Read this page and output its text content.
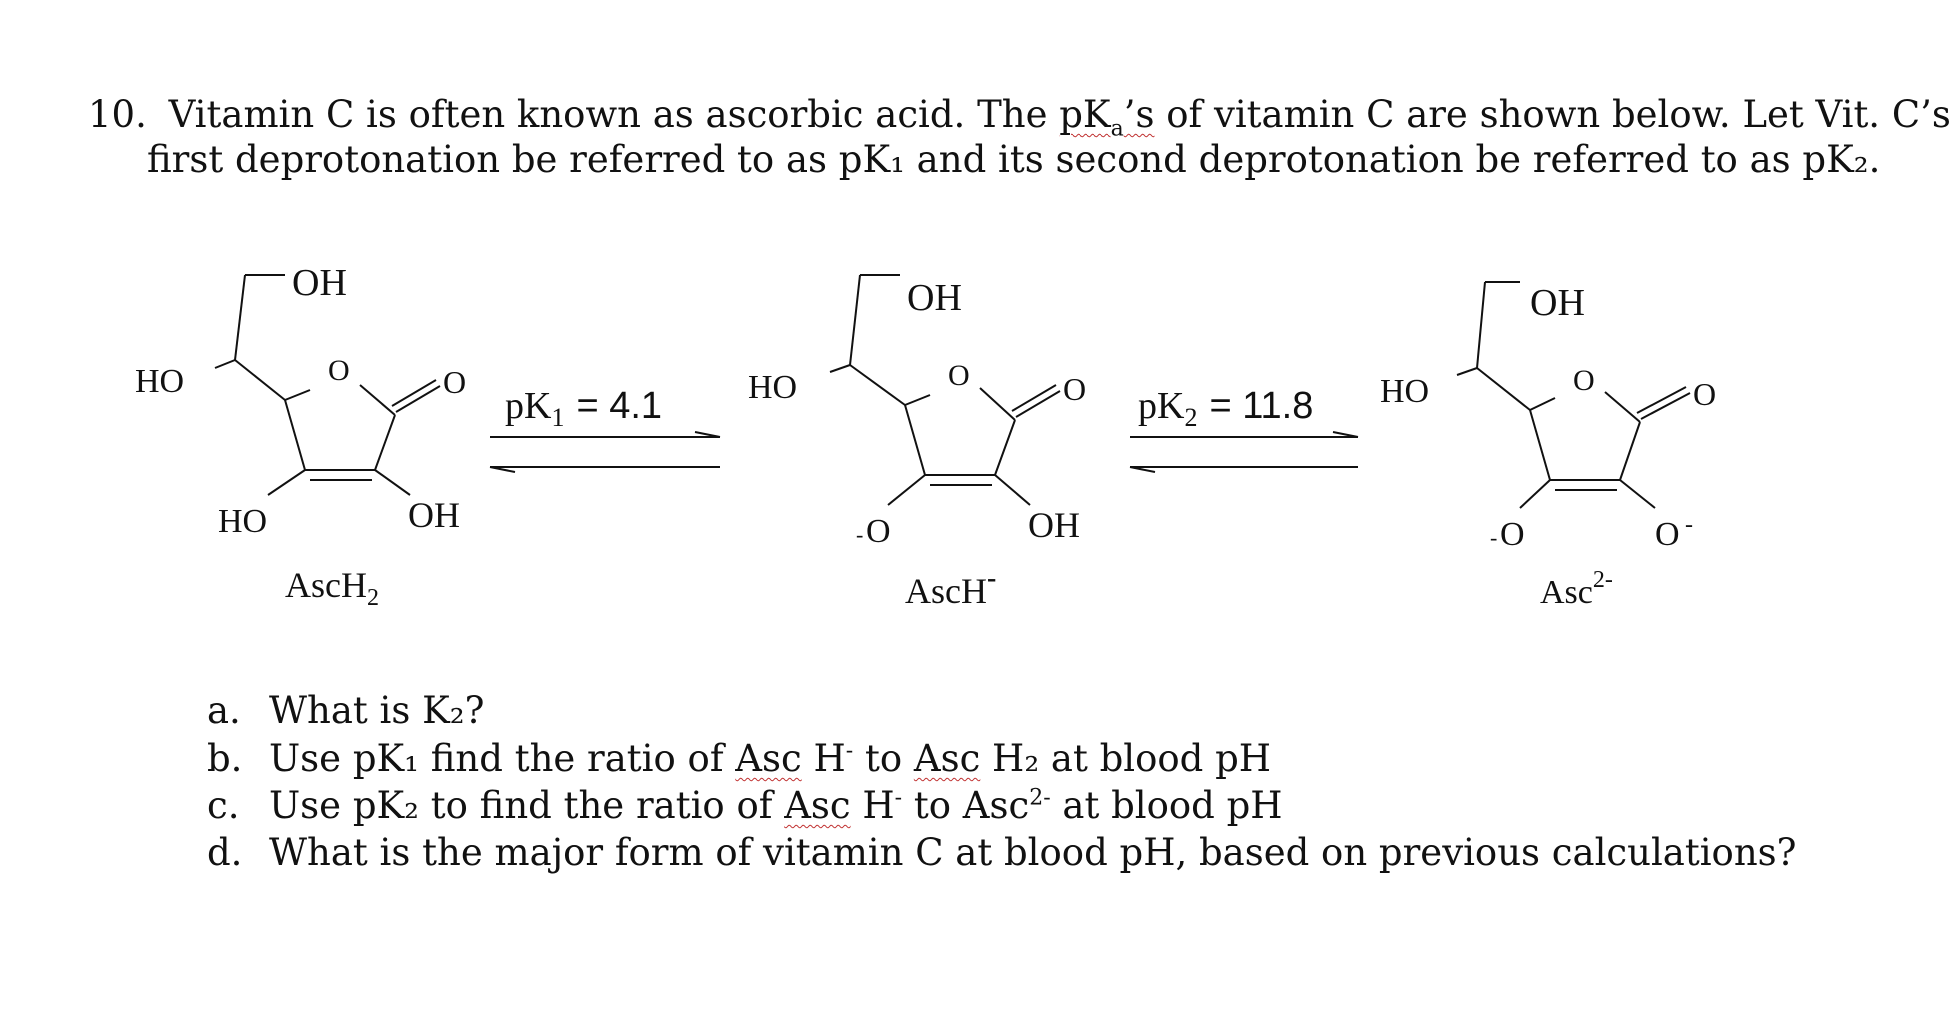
10. Vitamin C is often known as ascorbic acid. The $pK_a’s$ of vitamin C are shown below. Let Vit. C’s
first deprotonation be referred to as pK₁ and its second deprotonation be referred to as pK₂.
OH
HO	O	O
HO	OH
AscH$_2$
$pK_1 = 4.1$
OH
HO	O	O
- O	OH
AscH-
$pK_2 = 11.8$
OH
HO	O	O
- O	O -
Asc$^{2-}$
a. What is K₂?
b. Use pK₁ find the ratio of Asc H- to Asc H₂ at blood pH
c. Use pK₂ to find the ratio of Asc H- to Asc$^{2-}$ at blood pH
d. What is the major form of vitamin C at blood pH, based on previous calculations?
